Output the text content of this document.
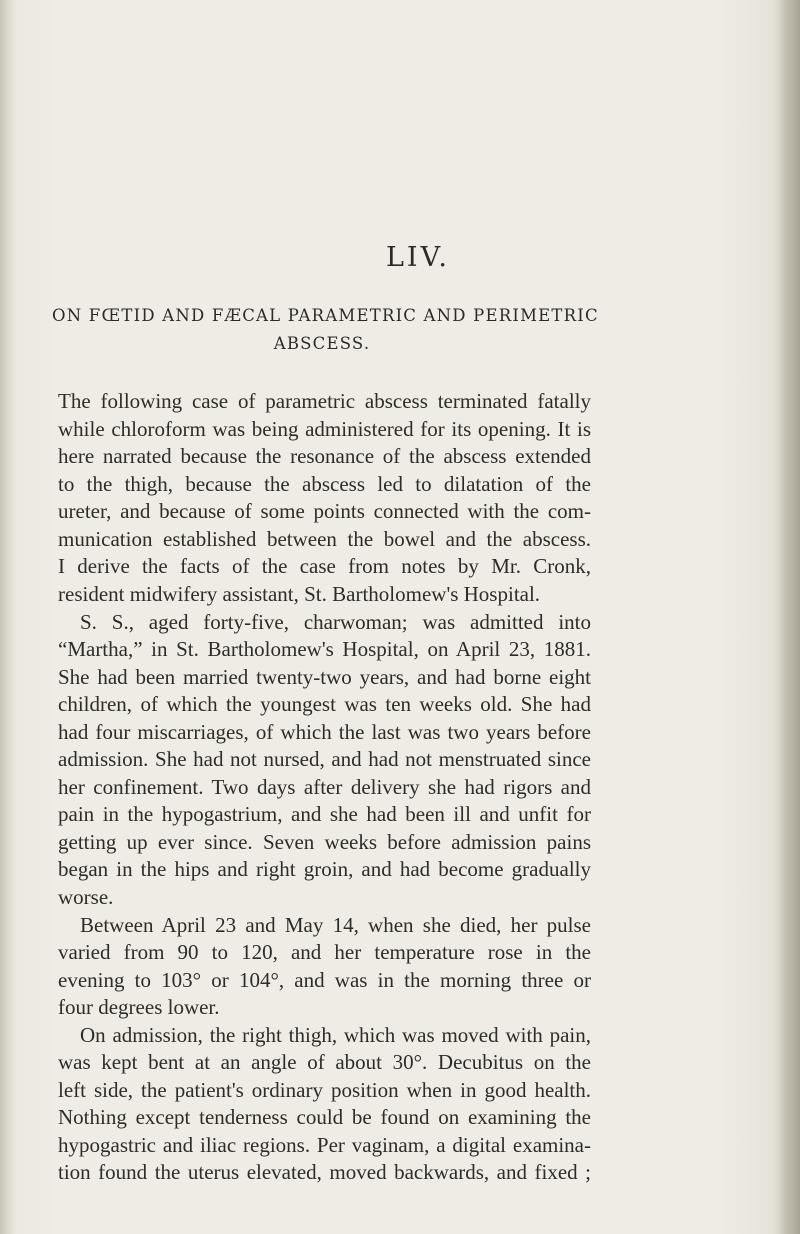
LIV.
ON FŒTID AND FÆCAL PARAMETRIC AND PERIMETRIC
ABSCESS.
The following case of parametric abscess terminated fatally
while chloroform was being administered for its opening. It is
here narrated because the resonance of the abscess extended
to the thigh, because the abscess led to dilatation of the
ureter, and because of some points connected with the com-
munication established between the bowel and the abscess.
I derive the facts of the case from notes by Mr. Cronk,
resident midwifery assistant, St. Bartholomew's Hospital.
S. S., aged forty-five, charwoman; was admitted into
“Martha,” in St. Bartholomew's Hospital, on April 23, 1881.
She had been married twenty-two years, and had borne eight
children, of which the youngest was ten weeks old. She had
had four miscarriages, of which the last was two years before
admission. She had not nursed, and had not menstruated since
her confinement. Two days after delivery she had rigors and
pain in the hypogastrium, and she had been ill and unfit for
getting up ever since. Seven weeks before admission pains
began in the hips and right groin, and had become gradually
worse.
Between April 23 and May 14, when she died, her pulse
varied from 90 to 120, and her temperature rose in the
evening to 103° or 104°, and was in the morning three or
four degrees lower.
On admission, the right thigh, which was moved with pain,
was kept bent at an angle of about 30°. Decubitus on the
left side, the patient's ordinary position when in good health.
Nothing except tenderness could be found on examining the
hypogastric and iliac regions. Per vaginam, a digital examina-
tion found the uterus elevated, moved backwards, and fixed ;
